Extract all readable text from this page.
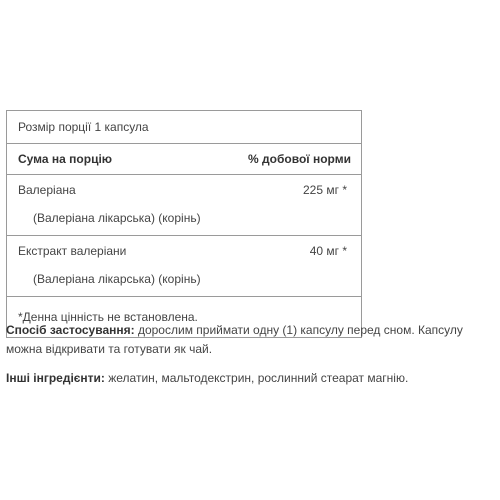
Розмір порції 1 капсула
Сума на порцію	% добової норми
Валеріана	225 мг *
(Валеріана лікарська) (корінь)
Екстракт валеріани	40 мг *
(Валеріана лікарська) (корінь)
*Денна цінність не встановлена.
Спосіб застосування: дорослим приймати одну (1) капсулу перед сном. Капсулу можна відкривати та готувати як чай.
Інші інгредієнти: желатин, мальтодекстрин, рослинний стеарат магнію.
